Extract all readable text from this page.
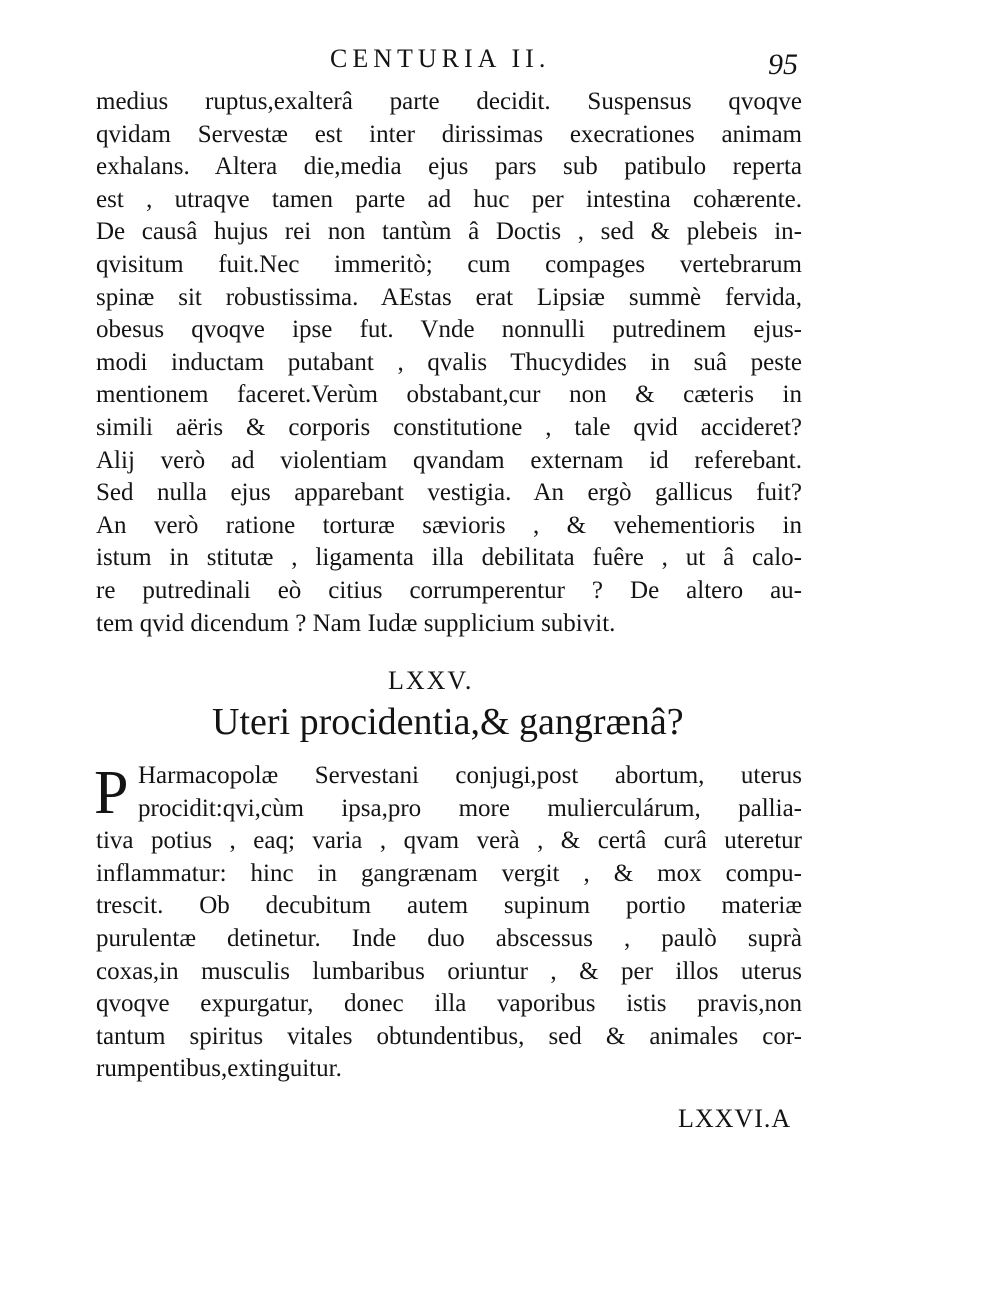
CENTURIA II.	95
medius ruptus,exalterâ parte decidit. Suspensus qvoqve
qvidam Servestæ est inter dirissimas execrationes animam
exhalans. Altera die,media ejus pars sub patibulo reperta
est , utraqve tamen parte ad huc per intestina cohærente.
De causâ hujus rei non tantùm â Doctis , sed & plebeis in-
qvisitum fuit.Nec immeritò; cum compages vertebrarum
spinæ sit robustissima. AEstas erat Lipsiæ summè fervida,
obesus qvoqve ipse fut. Vnde nonnulli putredinem ejus-
modi inductam putabant , qvalis Thucydides in suâ peste
mentionem faceret.Verùm obstabant,cur non & cæteris in
simili aëris & corporis constitutione , tale qvid accideret?
Alij verò ad violentiam qvandam externam id referebant.
Sed nulla ejus apparebant vestigia. An ergò gallicus fuit?
An verò ratione torturæ sævioris , & vehementioris in
istum in stitutæ , ligamenta illa debilitata fuêre , ut â calo-
re putredinali eò citius corrumperentur ? De altero au-
tem qvid dicendum ? Nam Iudæ supplicium subivit.
LXXV.
Uteri procidentia,& gangrænâ?
P Harmacopolæ Servestani conjugi,post abortum, uterus
procidit:qvi,cùm ipsa,pro more mulierculárum, pallia-
tiva potius , eaq; varia , qvam verà , & certâ curâ uteretur
inflammatur: hinc in gangrænam vergit , & mox compu-
trescit. Ob decubitum autem supinum portio materiæ
purulentæ detinetur. Inde duo abscessus , paulò suprà
coxas,in musculis lumbaribus oriuntur , & per illos uterus
qvoqve expurgatur, donec illa vaporibus istis pravis,non
tantum spiritus vitales obtundentibus, sed & animales cor-
rumpentibus,extinguitur.
LXXVI.A
